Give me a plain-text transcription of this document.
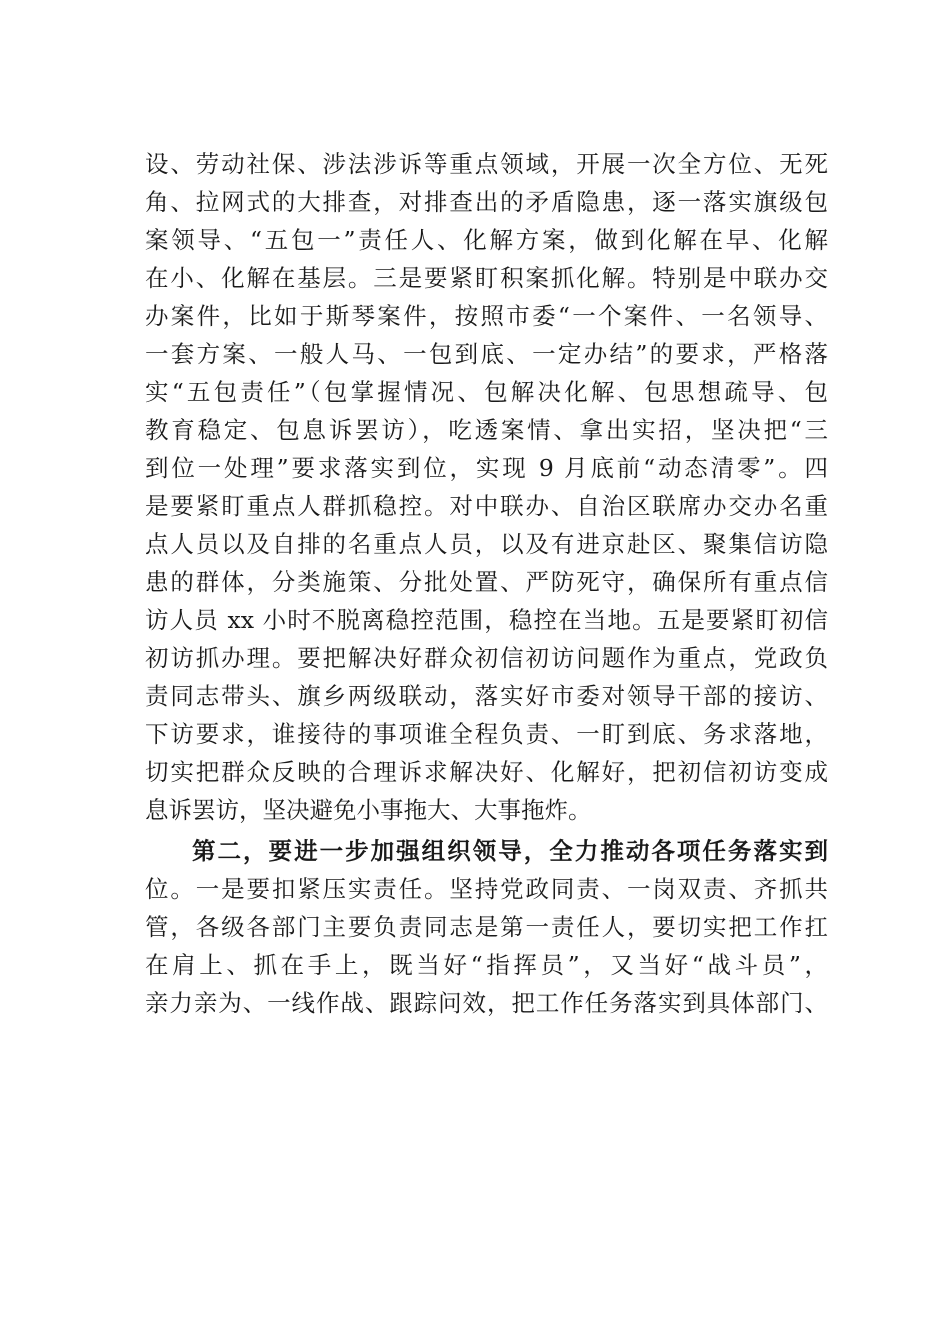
设、劳动社保、涉法涉诉等重点领域，开展一次全方位、无死
角、拉网式的大排查，对排查出的矛盾隐患，逐一落实旗级包
案领导、“五包一”责任人、化解方案，做到化解在早、化解
在小、化解在基层。三是要紧盯积案抓化解。特别是中联办交
办案件，比如于斯琴案件，按照市委“一个案件、一名领导、
一套方案、一般人马、一包到底、一定办结”的要求，严格落
实“五包责任”（包掌握情况、包解决化解、包思想疏导、包
教育稳定、包息诉罢访），吃透案情、拿出实招，坚决把“三
到位一处理”要求落实到位，实现 9 月底前“动态清零”。四
是要紧盯重点人群抓稳控。对中联办、自治区联席办交办名重
点人员以及自排的名重点人员，以及有进京赴区、聚集信访隐
患的群体，分类施策、分批处置、严防死守，确保所有重点信
访人员 xx 小时不脱离稳控范围，稳控在当地。五是要紧盯初信
初访抓办理。要把解决好群众初信初访问题作为重点，党政负
责同志带头、旗乡两级联动，落实好市委对领导干部的接访、
下访要求，谁接待的事项谁全程负责、一盯到底、务求落地，
切实把群众反映的合理诉求解决好、化解好，把初信初访变成
息诉罢访，坚决避免小事拖大、大事拖炸。
第二，要进一步加强组织领导，全力推动各项任务落实到
位。一是要扣紧压实责任。坚持党政同责、一岗双责、齐抓共
管，各级各部门主要负责同志是第一责任人，要切实把工作扛
在肩上、抓在手上，既当好“指挥员”，又当好“战斗员”，
亲力亲为、一线作战、跟踪问效，把工作任务落实到具体部门、
